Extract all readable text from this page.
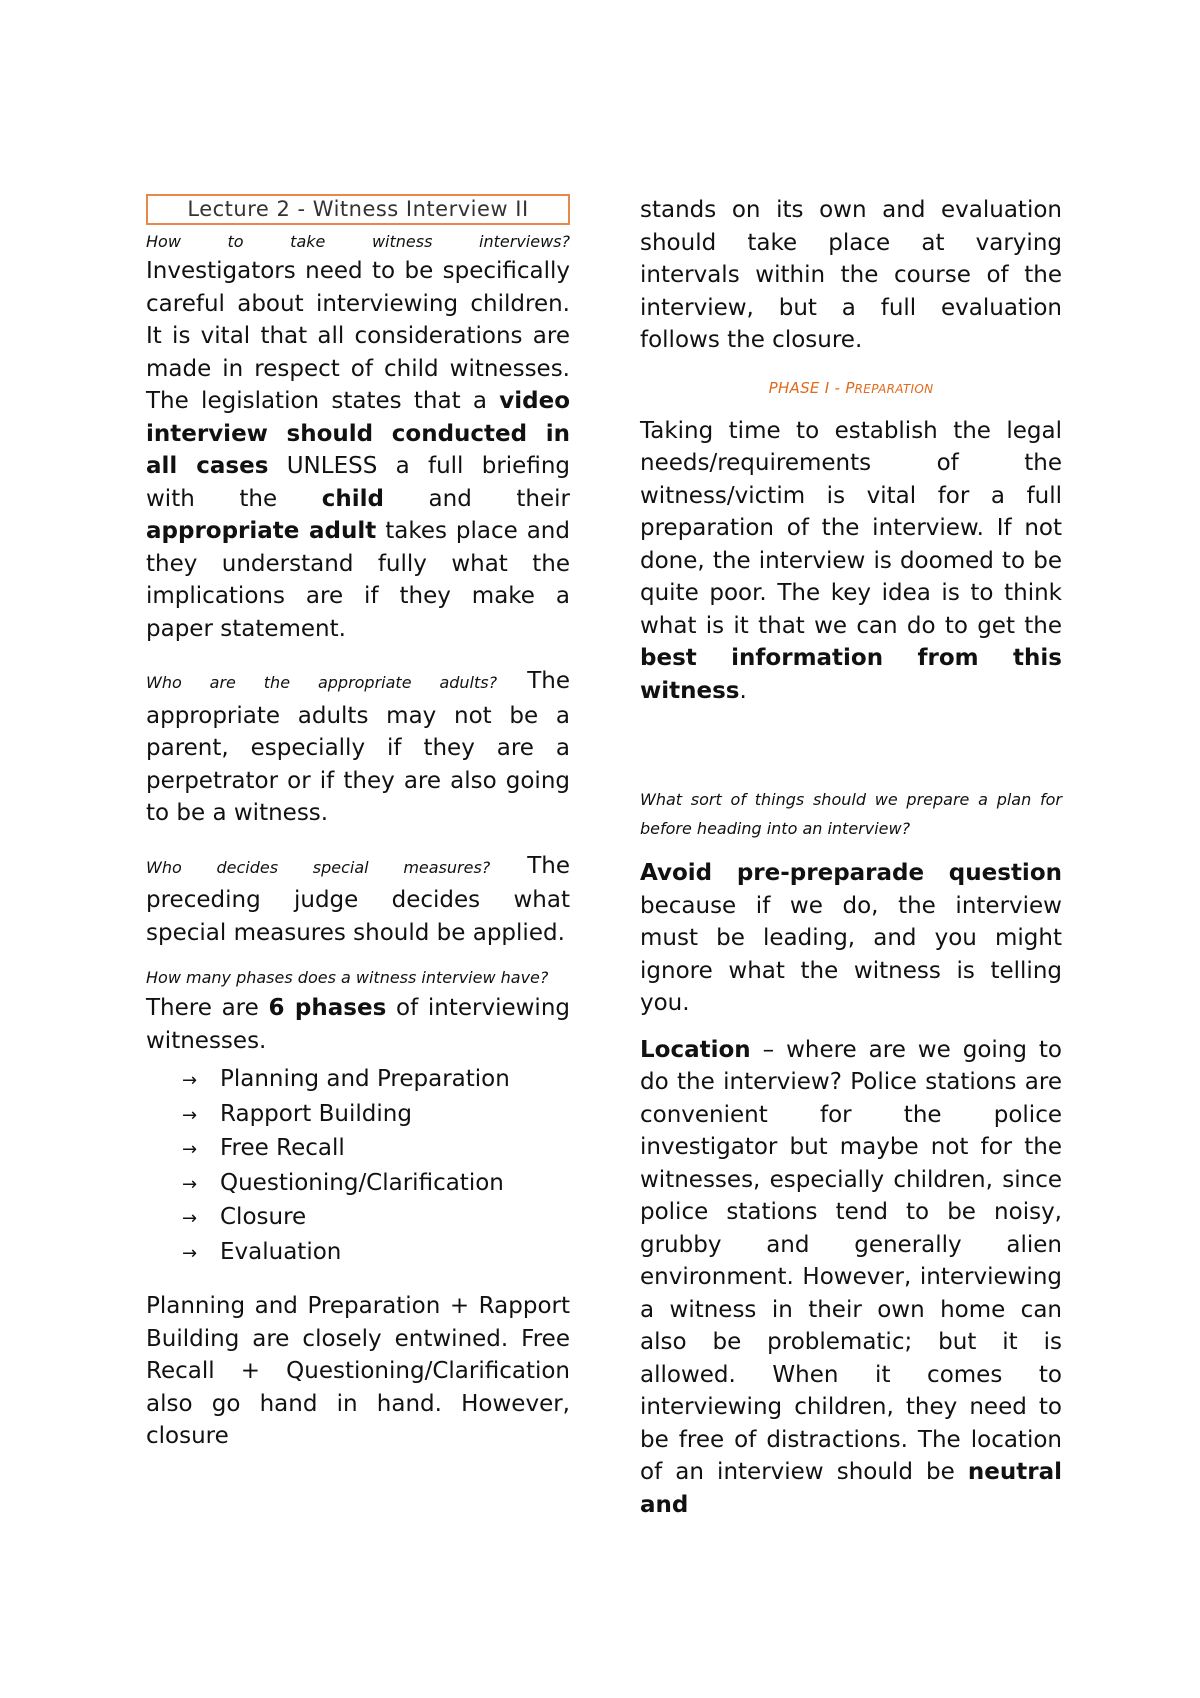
Lecture 2 - Witness Interview II

How to take witness interviews?
Investigators need to be specifically careful about interviewing children. It is vital that all considerations are made in respect of child witnesses. The legislation states that a video interview should conducted in all cases UNLESS a full briefing with the child and their appropriate adult takes place and they understand fully what the implications are if they make a paper statement.

Who are the appropriate adults? The appropriate adults may not be a parent, especially if they are a perpetrator or if they are also going to be a witness.

Who decides special measures? The preceding judge decides what special measures should be applied.

How many phases does a witness interview have?

There are 6 phases of interviewing witnesses.

→ Planning and Preparation
→ Rapport Building
→ Free Recall
→ Questioning/Clarification
→ Closure
→ Evaluation

Planning and Preparation + Rapport Building are closely entwined. Free Recall + Questioning/Clarification also go hand in hand. However, closure

stands on its own and evaluation should take place at varying intervals within the course of the interview, but a full evaluation follows the closure.

PHASE I - PREPARATION

Taking time to establish the legal needs/requirements of the witness/victim is vital for a full preparation of the interview. If not done, the interview is doomed to be quite poor. The key idea is to think what is it that we can do to get the best information from this witness.

What sort of things should we prepare a plan for before heading into an interview?

Avoid pre-preparade question because if we do, the interview must be leading, and you might ignore what the witness is telling you.

Location – where are we going to do the interview? Police stations are convenient for the police investigator but maybe not for the witnesses, especially children, since police stations tend to be noisy, grubby and generally alien environment. However, interviewing a witness in their own home can also be problematic; but it is allowed. When it comes to interviewing children, they need to be free of distractions. The location of an interview should be neutral and
